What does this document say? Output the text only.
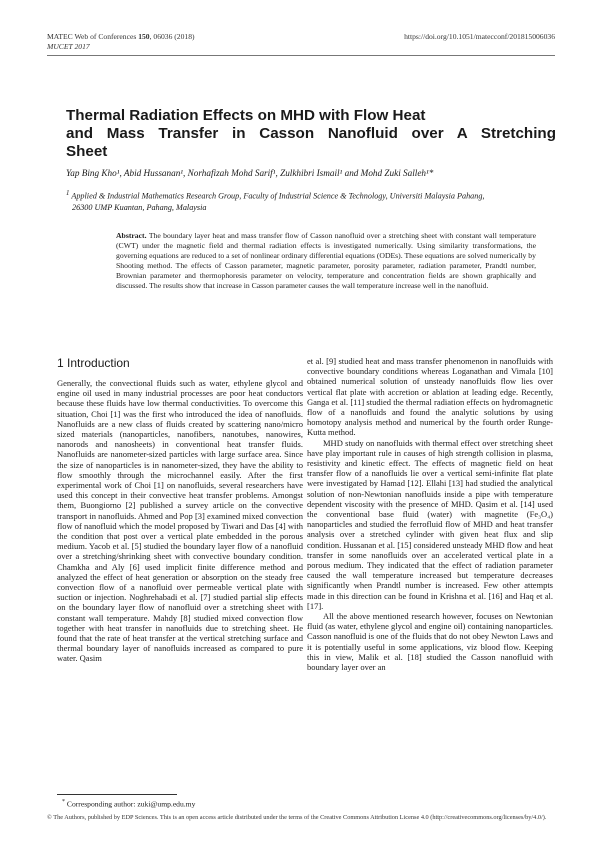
MATEC Web of Conferences 150, 06036 (2018)
MUCET 2017
https://doi.org/10.1051/matecconf/201815006036
Thermal Radiation Effects on MHD with Flow Heat
and Mass Transfer in Casson Nanofluid over A Stretching
Sheet
Yap Bing Kho¹, Abid Hussanan¹, Norhafizah Mohd Sarif¹, Zulkhibri Ismail¹ and Mohd Zuki Salleh¹*
$^1$ Applied & Industrial Mathematics Research Group, Faculty of Industrial Science & Technology, Universiti Malaysia Pahang,
26300 UMP Kuantan, Pahang, Malaysia
Abstract. The boundary layer heat and mass transfer flow of Casson nanofluid over a stretching sheet with constant wall temperature (CWT) under the magnetic field and thermal radiation effects is investigated numerically. Using similarity transformations, the governing equations are reduced to a set of nonlinear ordinary differential equations (ODEs). These equations are solved numerically by Shooting method. The effects of Casson parameter, magnetic parameter, porosity parameter, radiation parameter, Prandtl number, Brownian parameter and thermophoresis parameter on velocity, temperature and concentration fields are shown graphically and discussed. The results show that increase in Casson parameter causes the wall temperature increase well in the nanofluid.
1 Introduction

Generally, the convectional fluids such as water, ethylene glycol and engine oil used in many industrial processes are poor heat conductors because these fluids have low thermal conductivities. To overcome this situation, Choi [1] was the first who introduced the idea of nanofluids. Nanofluids are a new class of fluids created by scattering nano/micro sized materials (nanoparticles, nanofibers, nanotubes, nanowires, nanorods and nanosheets) in conventional heat transfer fluids. Nanofluids are nanometer-sized particles with large surface area. Since the size of nanoparticles is in nanometer-sized, they have the ability to flow smoothly through the microchannel easily. After the first experimental work of Choi [1] on nanofluids, several researchers have used this concept in their convective heat transfer problems. Amongst them, Buongiorno [2] published a survey article on the convective transport in nanofluids. Ahmed and Pop [3] examined mixed convection flow of nanofluid which the model proposed by Tiwari and Das [4] with the condition that post over a vertical plate embedded in the porous medium. Yacob et al. [5] studied the boundary layer flow of a nanofluid over a stretching/shrinking sheet with convective boundary condition. Chamkha and Aly [6] used implicit finite difference method and analyzed the effect of heat generation or absorption on the steady free convection flow of a nanofluid over permeable vertical plate with suction or injection. Noghrehabadi et al. [7] studied partial slip effects on the boundary layer flow of nanofluid over a stretching sheet with constant wall temperature. Mahdy [8] studied mixed convection flow together with heat transfer in nanofluids due to stretching sheet. He found that the rate of heat transfer at the vertical stretching surface and thermal boundary layer of nanofluids increased as compared to pure water. Qasim

et al. [9] studied heat and mass transfer phenomenon in nanofluids with convective boundary conditions whereas Loganathan and Vimala [10] obtained numerical solution of unsteady nanofluids flow lies over vertical flat plate with accretion or ablation at leading edge. Recently, Ganga et al. [11] studied the thermal radiation effects on hydromagnetic flow of a nanofluids and found the analytic solutions by using homotopy analysis method and numerical by the fourth order Runge-Kutta method.

MHD study on nanofluids with thermal effect over stretching sheet have play important rule in causes of high strength collision in plasma, resistivity and kinetic effect. The effects of magnetic field on heat transfer flow of a nanofluids lie over a vertical semi-infinite flat plate were investigated by Hamad [12]. Ellahi [13] had studied the analytical solution of non-Newtonian nanofluids inside a pipe with temperature dependent viscosity with the presence of MHD. Qasim et al. [14] used the conventional base fluid (water) with magnetite (Fe₃O₄) nanoparticles and studied the ferrofluid flow of MHD and heat transfer analysis over a stretched cylinder with given heat flux and slip condition. Hussanan et al. [15] considered unsteady MHD flow and heat transfer in some nanofluids over an accelerated vertical plate in a porous medium. They indicated that the effect of radiation parameter caused the wall temperature increased but temperature decreases significantly when Prandtl number is increased. Few other attempts made in this direction can be found in Krishna et al. [16] and Haq et al. [17].

All the above mentioned research however, focuses on Newtonian fluid (as water, ethylene glycol and engine oil) containing nanoparticles. Casson nanofluid is one of the fluids that do not obey Newton Laws and it is potentially useful in some applications, viz blood flow. Keeping this in view, Malik et al. [18] studied the Casson nanofluid with boundary layer over an

* Corresponding author: zuki@ump.edu.my
© The Authors, published by EDP Sciences. This is an open access article distributed under the terms of the Creative Commons Attribution License 4.0 (http://creativecommons.org/licenses/by/4.0/).
